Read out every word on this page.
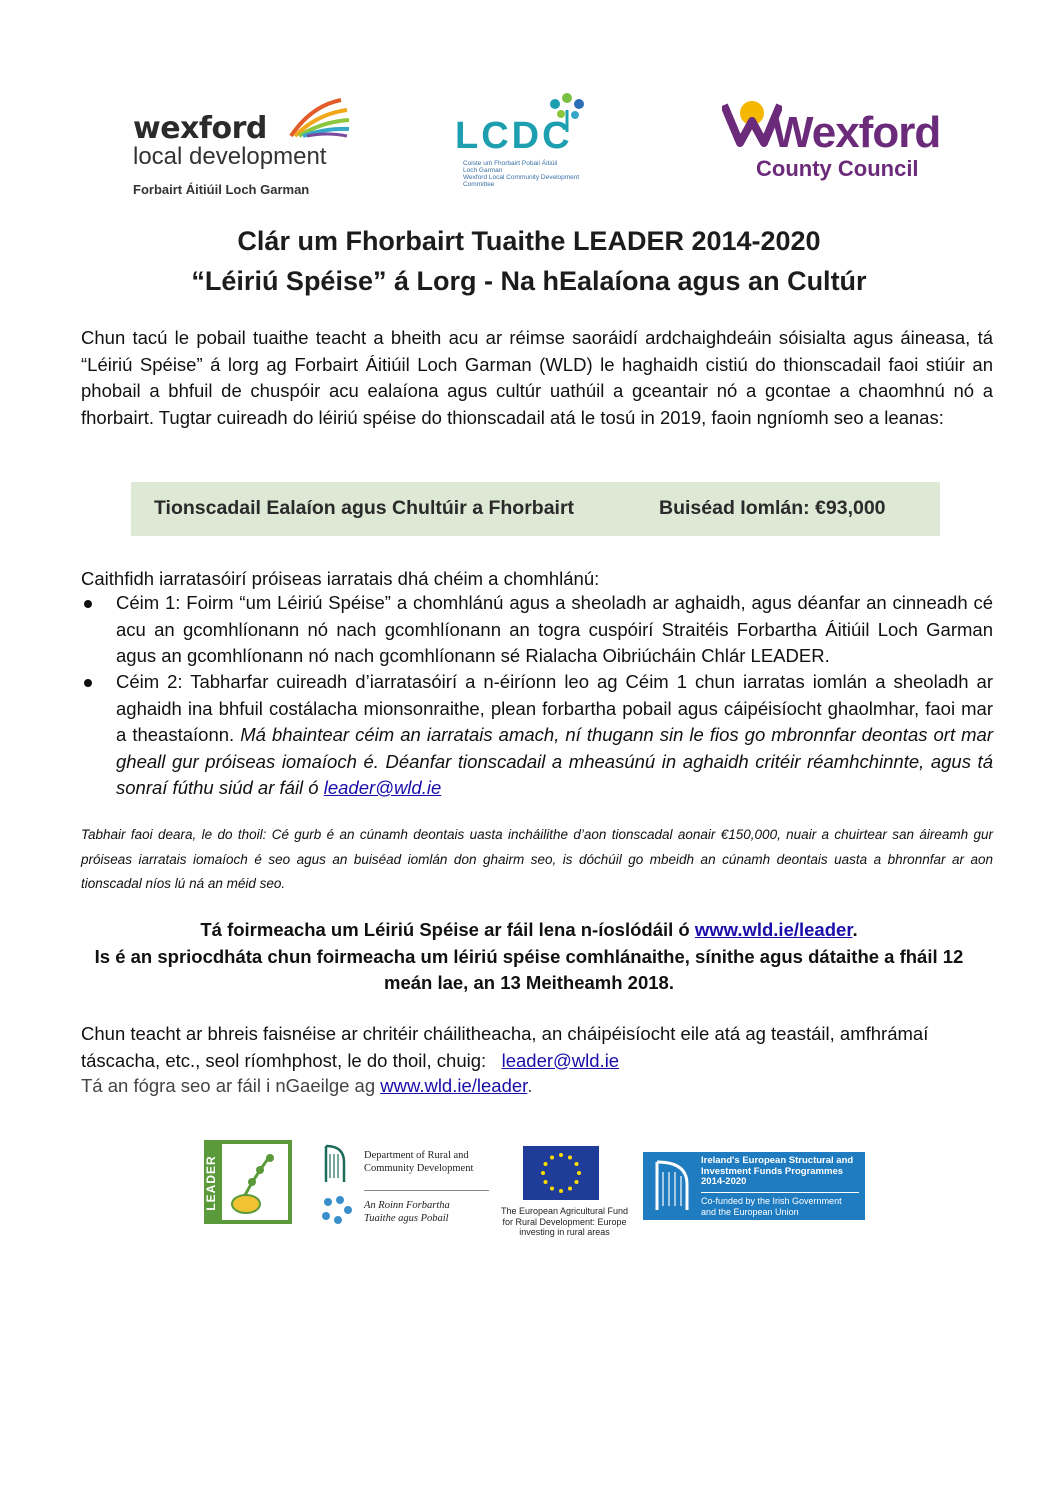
wexford
local development
Forbairt Áitiúil Loch Garman
LCDC
Coiste um Fhorbairt Pobail Áitiúil
Loch Garman
Wexford Local Community Development
Committee
Wexford
County Council
Clár um Fhorbairt Tuaithe LEADER 2014-2020
“Léiriú Spéise” á Lorg - Na hEalaíona agus an Cultúr
Chun tacú le pobail tuaithe teacht a bheith acu ar réimse saoráidí ardchaighdeáin sóisialta agus áineasa, tá “Léiriú Spéise” á lorg ag Forbairt Áitiúil Loch Garman (WLD) le haghaidh cistiú do thionscadail faoi stiúir an phobail a bhfuil de chuspóir acu ealaíona agus cultúr uathúil a gceantair nó a gcontae a chaomhnú nó a fhorbairt. Tugtar cuireadh do léiriú spéise do thionscadail atá le tosú in 2019, faoin ngníomh seo a leanas:
Tionscadail Ealaíon agus Chultúir a Fhorbairt	Buiséad Iomlán: €93,000
Caithfidh iarratasóirí próiseas iarratais dhá chéim a chomhlánú:
Céim 1: Foirm “um Léiriú Spéise” a chomhlánú agus a sheoladh ar aghaidh, agus déanfar an cinneadh cé acu an gcomhlíonann nó nach gcomhlíonann an togra cuspóirí Straitéis Forbartha Áitiúil Loch Garman agus an gcomhlíonann nó nach gcomhlíonann sé Rialacha Oibriúcháin Chlár LEADER.
Céim 2: Tabharfar cuireadh d’iarratasóirí a n-éiríonn leo ag Céim 1 chun iarratas iomlán a sheoladh ar aghaidh ina bhfuil costálacha mionsonraithe, plean forbartha pobail agus cáipéisíocht ghaolmhar, faoi mar a theastaíonn. Má bhaintear céim an iarratais amach, ní thugann sin le fios go mbronnfar deontas ort mar gheall gur próiseas iomaíoch é. Déanfar tionscadail a mheasúnú in aghaidh critéir réamhchinnte, agus tá sonraí fúthu siúd ar fáil ó leader@wld.ie
Tabhair faoi deara, le do thoil: Cé gurb é an cúnamh deontais uasta incháilithe d’aon tionscadal aonair €150,000, nuair a chuirtear san áireamh gur próiseas iarratais iomaíoch é seo agus an buiséad iomlán don ghairm seo, is dóchúil go mbeidh an cúnamh deontais uasta a bhronnfar ar aon tionscadal níos lú ná an méid seo.
Tá foirmeacha um Léiriú Spéise ar fáil lena n-íoslódáil ó www.wld.ie/leader.
Is é an spriocdháta chun foirmeacha um léiriú spéise comhlánaithe, sínithe agus dátaithe a fháil 12
meán lae, an 13 Meitheamh 2018.
Chun teacht ar bhreis faisnéise ar chritéir cháilitheacha, an cháipéisíocht eile atá ag teastáil, amfhrámaí táscacha, etc., seol ríomhphost, le do thoil, chuig: leader@wld.ie
Tá an fógra seo ar fáil i nGaeilge ag www.wld.ie/leader.
LEADER	Department of Rural and
Community Development
An Roinn Forbartha
Tuaithe agus Pobail
The European Agricultural Fund
for Rural Development: Europe
investing in rural areas
Ireland's European Structural and
Investment Funds Programmes
2014-2020
Co-funded by the Irish Government
and the European Union
